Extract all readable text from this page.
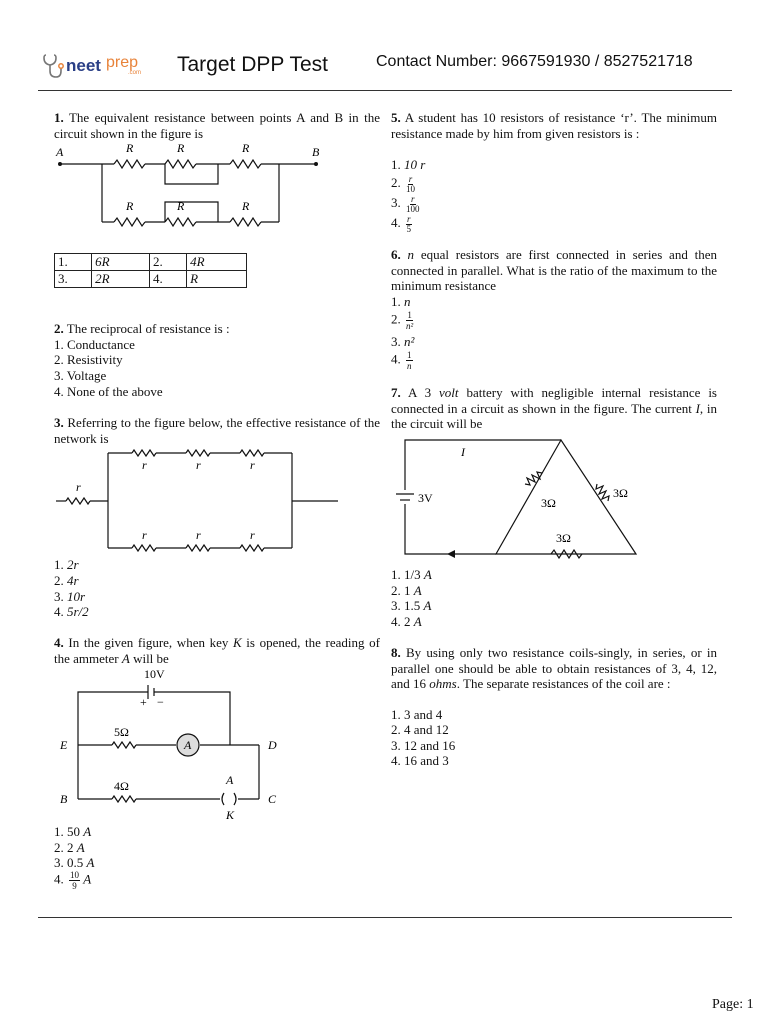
neet prep
.com Target DPP Test	Contact Number: 9667591930 / 8527521718
1. The equivalent resistance between points A and B in the circuit shown in the figure is
A	B
R	R	R
R	R	R
1.	6R	2.	4R
3.	2R	4.	R
2. The reciprocal of resistance is :
1. Conductance
2. Resistivity
3. Voltage
4. None of the above
3. Referring to the figure below, the effective resistance of the network is
r
r	r	r
r	r	r
1. 2r
2. 4r
3. 10r
4. 5r/2
4. In the given figure, when key K is opened, the reading of the ammeter A will be
10V
+ −
5Ω
4Ω
A
E	D
B	C
A
K
1. 50 A
2. 2 A
3. 0.5 A
4. $\frac{10}{9}$ A
5. A student has 10 resistors of resistance ‘r’. The minimum resistance made by him from given resistors is :
1. 10 r
2. $\frac{r}{10}$
3. $\frac{r}{100}$
4. $\frac{r}{5}$
6. n equal resistors are first connected in series and then connected in parallel. What is the ratio of the maximum to the minimum resistance
1. n
2. $\frac{1}{\text{n²}}$
3. n²
4. $\frac{1}{n}$
7. A 3 volt battery with negligible internal resistance is connected in a circuit as shown in the figure. The current I, in the circuit will be
I
3V	3Ω
3Ω
3Ω
1. 1/3 A
2. 1 A
3. 1.5 A
4. 2 A
8. By using only two resistance coils-singly, in series, or in parallel one should be able to obtain resistances of 3, 4, 12, and 16 ohms. The separate resistances of the coil are :
1. 3 and 4
2. 4 and 12
3. 12 and 16
4. 16 and 3
Page: 1
